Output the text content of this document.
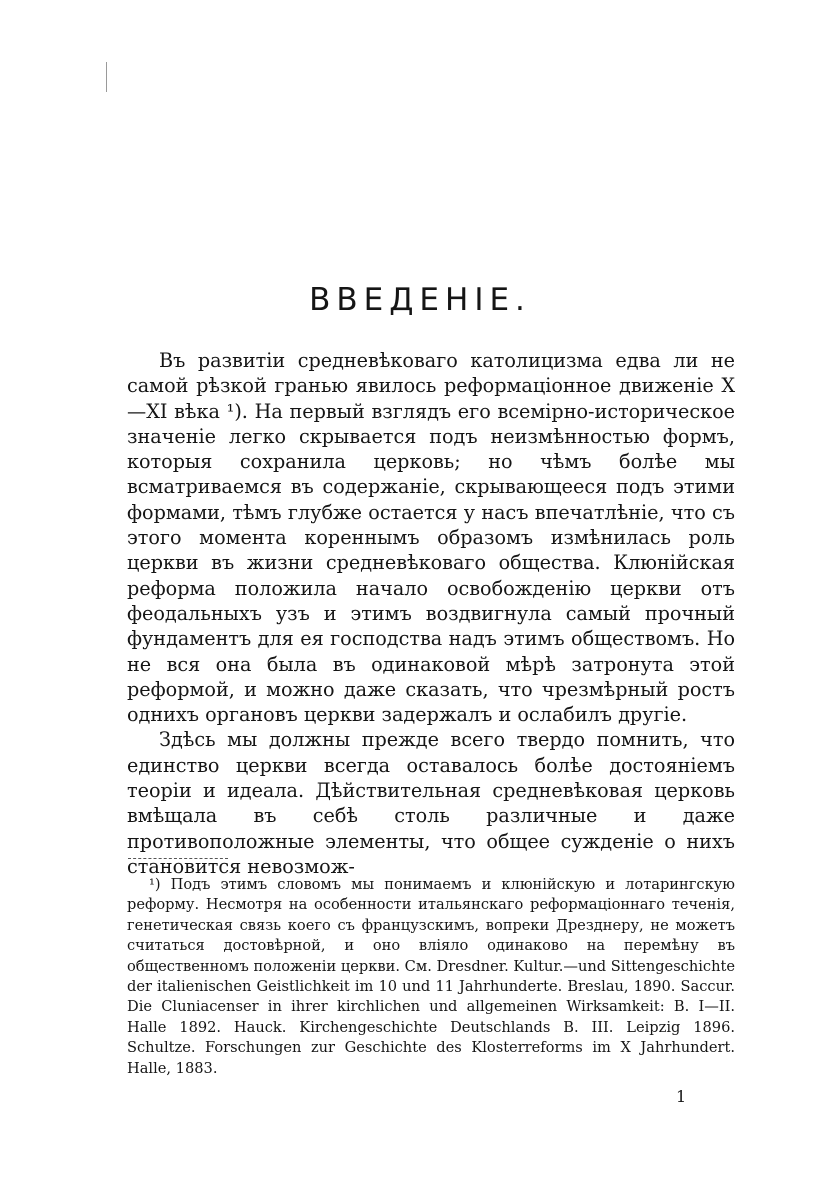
ВВЕДЕНІЕ.

Въ развитіи средневѣковаго католицизма едва ли не самой рѣзкой гранью явилось реформаціонное движеніе X—XI вѣка ¹). На первый взглядъ его всемірно-историческое значеніе легко скрывается подъ неизмѣнностью формъ, которыя сохранила церковь; но чѣмъ болѣе мы всматриваемся въ содержаніе, скрывающееся подъ этими формами, тѣмъ глубже остается у насъ впечатлѣніе, что съ этого момента кореннымъ образомъ измѣнилась роль церкви въ жизни средневѣковаго общества. Клюнійская реформа положила начало освобожденію церкви отъ феодальныхъ узъ и этимъ воздвигнула самый прочный фундаментъ для ея господства надъ этимъ обществомъ. Но не вся она была въ одинаковой мѣрѣ затронута этой реформой, и можно даже сказать, что чрезмѣрный ростъ однихъ органовъ церкви задержалъ и ослабилъ другіе.

Здѣсь мы должны прежде всего твердо помнить, что единство церкви всегда оставалось болѣе достояніемъ теоріи и идеала. Дѣйствительная средневѣковая церковь вмѣщала въ себѣ столь различные и даже противоположные элементы, что общее сужденіе о нихъ становится невозмож-

¹) Подъ этимъ словомъ мы понимаемъ и клюнійскую и лотарингскую реформу. Несмотря на особенности итальянскаго реформаціоннаго теченія, генетическая связь коего съ французскимъ, вопреки Дрезднеру, не можетъ считаться достовѣрной, и оно вліяло одинаково на перемѣну въ общественномъ положеніи церкви. См. Dresdner. Kultur.—und Sittengeschichte der italienischen Geistlichkeit im 10 und 11 Jahrhunderte. Breslau, 1890. Saccur. Die Cluniacenser in ihrer kirchlichen und allgemeinen Wirksamkeit: B. I—II. Halle 1892. Hauck. Kirchengeschichte Deutschlands B. III. Leipzig 1896. Schultze. Forschungen zur Geschichte des Klosterreforms im X Jahrhundert. Halle, 1883.

1
